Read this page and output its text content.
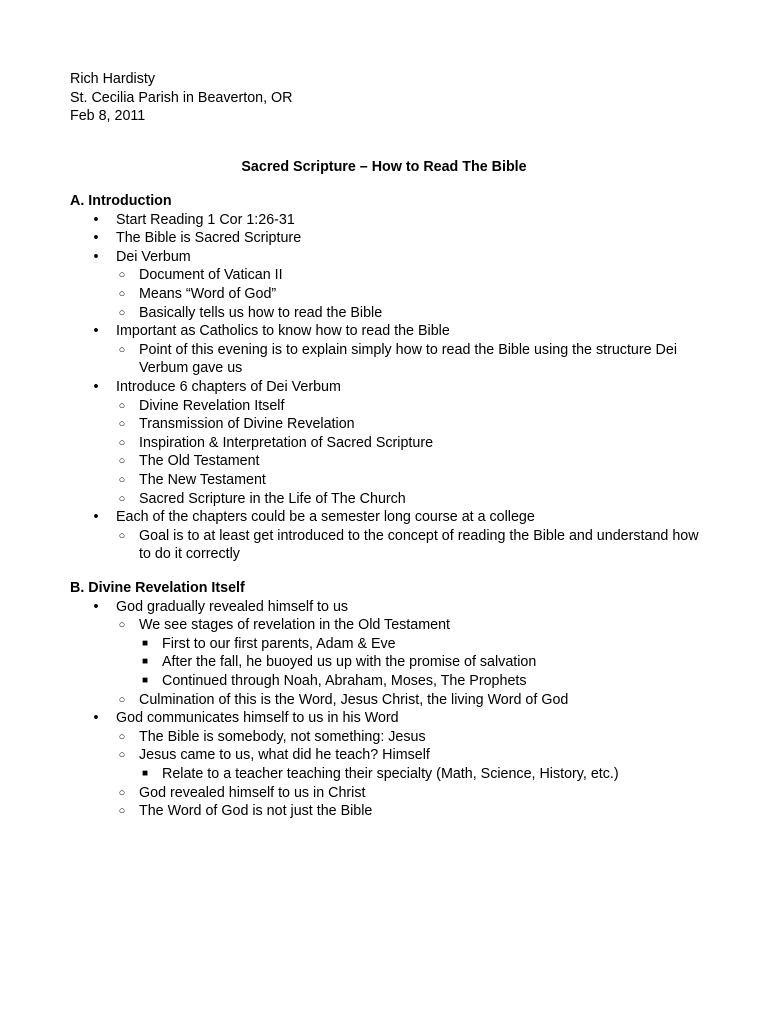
Rich Hardisty
St. Cecilia Parish in Beaverton, OR
Feb 8, 2011
Sacred Scripture – How to Read The Bible
A. Introduction
• Start Reading 1 Cor 1:26-31
• The Bible is Sacred Scripture
• Dei Verbum
○ Document of Vatican II
○ Means “Word of God”
○ Basically tells us how to read the Bible
• Important as Catholics to know how to read the Bible
○ Point of this evening is to explain simply how to read the Bible using the structure Dei Verbum gave us
• Introduce 6 chapters of Dei Verbum
○ Divine Revelation Itself
○ Transmission of Divine Revelation
○ Inspiration & Interpretation of Sacred Scripture
○ The Old Testament
○ The New Testament
○ Sacred Scripture in the Life of The Church
• Each of the chapters could be a semester long course at a college
○ Goal is to at least get introduced to the concept of reading the Bible and understand how to do it correctly
B. Divine Revelation Itself
• God gradually revealed himself to us
○ We see stages of revelation in the Old Testament
■ First to our first parents, Adam & Eve
■ After the fall, he buoyed us up with the promise of salvation
■ Continued through Noah, Abraham, Moses, The Prophets
○ Culmination of this is the Word, Jesus Christ, the living Word of God
• God communicates himself to us in his Word
○ The Bible is somebody, not something: Jesus
○ Jesus came to us, what did he teach? Himself
■ Relate to a teacher teaching their specialty (Math, Science, History, etc.)
○ God revealed himself to us in Christ
○ The Word of God is not just the Bible
